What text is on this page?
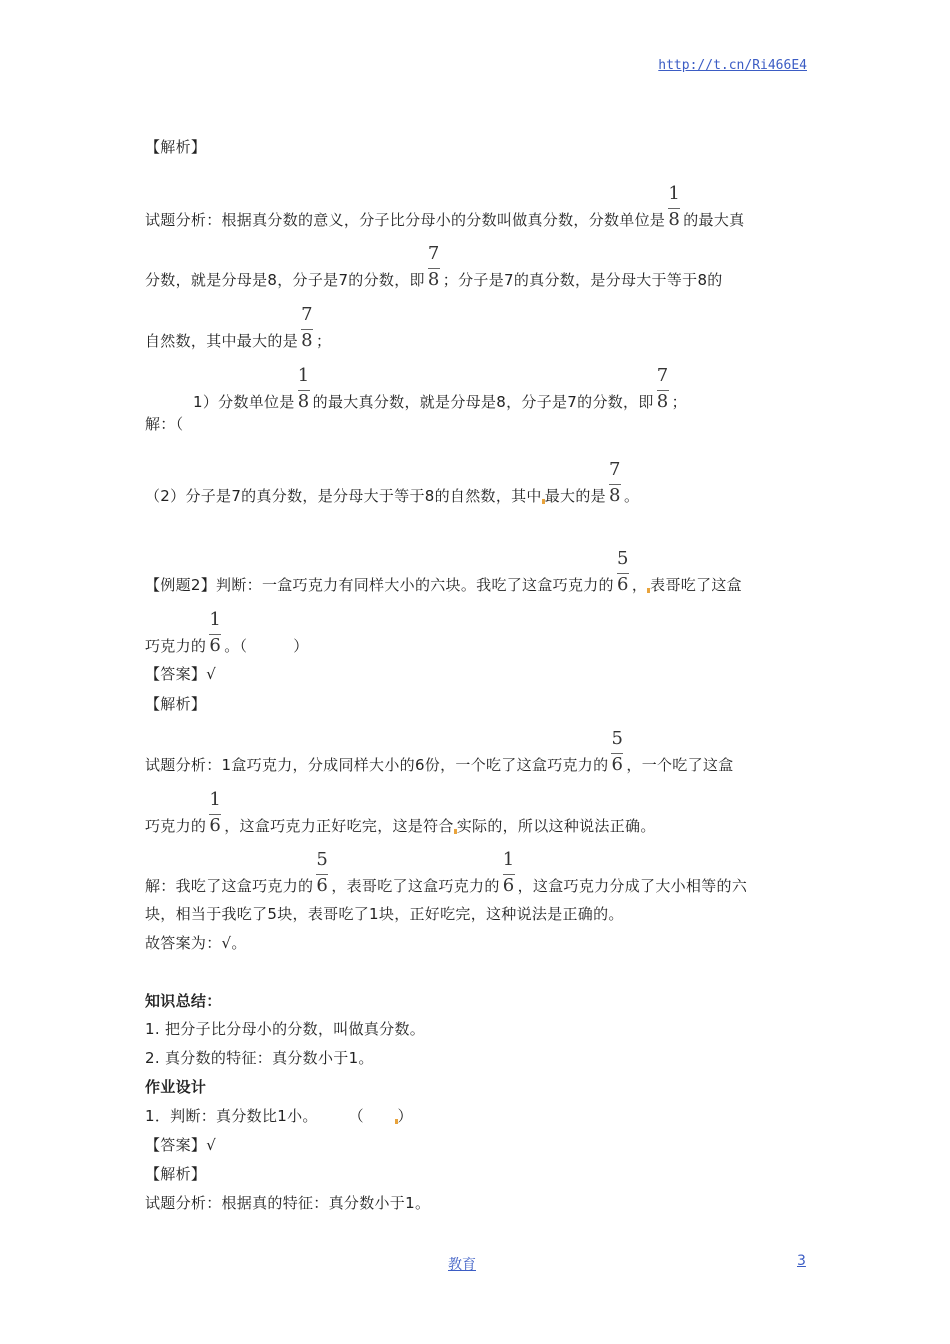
http://t.cn/Ri466E4
【解析】
试题分析：根据真分数的意义，分子比分母小的分数叫做真分数，分数单位是 $\frac{1}{8}$ 的最大真
分数，就是分母是8，分子是7的分数，即 $\frac{7}{8}$ ；分子是7的真分数，是分母大于等于8的
自然数，其中最大的是 $\frac{7}{8}$ ；
1）分数单位是 $\frac{1}{8}$ 的最大真分数，就是分母是8，分子是7的分数，即 $\frac{7}{8}$ ；
解：（
（2）分子是7的真分数，是分母大于等于8的自然数，其中 最大的是 $\frac{7}{8}$ 。
【例题2】判断：一盒巧克力有同样大小的六块。我吃了这盒巧克力的 $\frac{5}{6}$ ， 表哥吃了这盒
巧克力的 $\frac{1}{6}$ 。（　　　）
【答案】√
【解析】
试题分析：1盒巧克力，分成同样大小的6份，一个吃了这盒巧克力的 $\frac{5}{6}$ ，一个吃了这盒
巧克力的 $\frac{1}{6}$ ，这盒巧克力正好吃完，这是符合 实际的，所以这种说法正确。
解：我吃了这盒巧克力的 $\frac{5}{6}$ ，表哥吃了这盒巧克力的 $\frac{1}{6}$ ，这盒巧克力分成了大小相等的六
块，相当于我吃了5块，表哥吃了1块，正好吃完，这种说法是正确的。
故答案为：√。
知识总结：
1. 把分子比分母小的分数，叫做真分数。
2. 真分数的特征：真分数小于1。
作业设计
1．判断：真分数比1小。　　　（　　）
【答案】√
【解析】
试题分析：根据真的特征：真分数小于1。
教育	3
